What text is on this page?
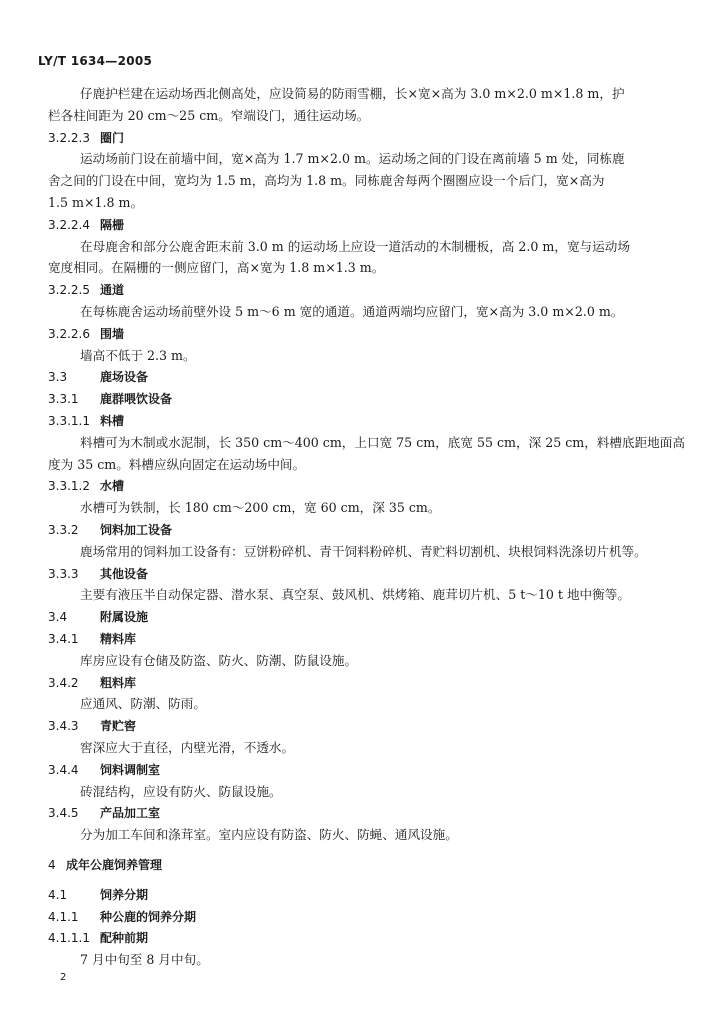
LY/T 1634—2005
仔鹿护栏建在运动场西北侧高处，应设简易的防雨雪棚，长×宽×高为 3.0 m×2.0 m×1.8 m，护
栏各柱间距为 20 cm～25 cm。窄端设门，通往运动场。
3.2.2.3 圈门
运动场前门设在前墙中间，宽×高为 1.7 m×2.0 m。运动场之间的门设在离前墙 5 m 处，同栋鹿
舍之间的门设在中间，宽均为 1.5 m，高均为 1.8 m。同栋鹿舍每两个圈圈应设一个后门，宽×高为
1.5 m×1.8 m。
3.2.2.4 隔栅
在母鹿舍和部分公鹿舍距末前 3.0 m 的运动场上应设一道活动的木制栅板，高 2.0 m，宽与运动场
宽度相同。在隔栅的一侧应留门，高×宽为 1.8 m×1.3 m。
3.2.2.5 通道
在每栋鹿舍运动场前壁外设 5 m～6 m 宽的通道。通道两端均应留门，宽×高为 3.0 m×2.0 m。
3.2.2.6 围墙
墙高不低于 2.3 m。
3.3	鹿场设备
3.3.1 鹿群喂饮设备
3.3.1.1 料槽
料槽可为木制或水泥制，长 350 cm～400 cm，上口宽 75 cm，底宽 55 cm，深 25 cm，料槽底距地面高
度为 35 cm。料槽应纵向固定在运动场中间。
3.3.1.2 水槽
水槽可为铁制，长 180 cm～200 cm，宽 60 cm，深 35 cm。
3.3.2 饲料加工设备
鹿场常用的饲料加工设备有：豆饼粉碎机、青干饲料粉碎机、青贮料切割机、块根饲料洗涤切片机等。
3.3.3 其他设备
主要有液压半自动保定器、潜水泵、真空泵、鼓风机、烘烤箱、鹿茸切片机、5 t～10 t 地中衡等。
3.4	附属设施
3.4.1 精料库
库房应设有仓储及防盗、防火、防潮、防鼠设施。
3.4.2 粗料库
应通风、防潮、防雨。
3.4.3 青贮窖
窖深应大于直径，内壁光滑，不透水。
3.4.4 饲料调制室
砖混结构，应设有防火、防鼠设施。
3.4.5 产品加工室
分为加工车间和涤茸室。室内应设有防盗、防火、防蝇、通风设施。
4 成年公鹿饲养管理
4.1	饲养分期
4.1.1 种公鹿的饲养分期
4.1.1.1 配种前期
7 月中旬至 8 月中旬。
2
